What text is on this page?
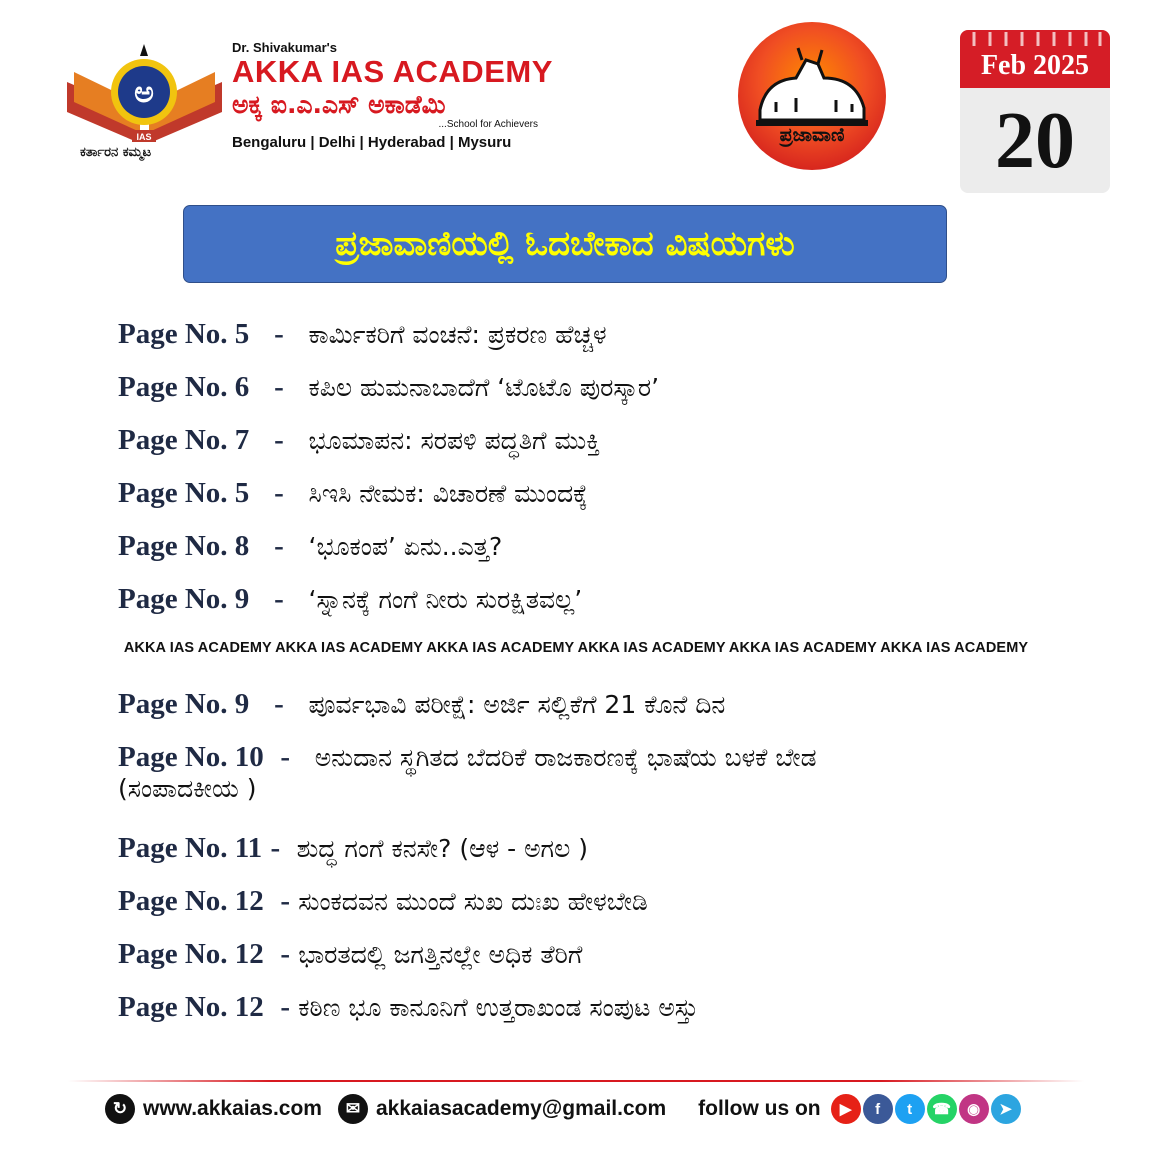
ಅ
IAS
ಕರ್ತಾರನ ಕಮ್ಮಟ
Dr. Shivakumar's
AKKA IAS ACADEMY
ಅಕ್ಕ ಐ.ಎ.ಎಸ್ ಅಕಾಡೆಮಿ
...School for Achievers
Bengaluru | Delhi | Hyderabad | Mysuru	ಪ್ರಜಾವಾಣಿ
Feb 2025
20
ಪ್ರಜಾವಾಣಿಯಲ್ಲಿ ಓದಬೇಕಾದ ವಿಷಯಗಳು
Page No. 5 - ಕಾರ್ಮಿಕರಿಗೆ ವಂಚನೆ: ಪ್ರಕರಣ ಹೆಚ್ಚಳ
Page No. 6 - ಕಪಿಲ ಹುಮನಾಬಾದೆಗೆ ‘ಟೊಟೊ ಪುರಸ್ಕಾರ’
Page No. 7 - ಭೂಮಾಪನ: ಸರಪಳಿ ಪದ್ಧತಿಗೆ ಮುಕ್ತಿ
Page No. 5 - ಸಿಇಸಿ ನೇಮಕ: ವಿಚಾರಣೆ ಮುಂದಕ್ಕೆ
Page No. 8 - ‘ಭೂಕಂಪ’ ಏನು..ಎತ್ತ?
Page No. 9 - ‘ಸ್ನಾನಕ್ಕೆ ಗಂಗೆ ನೀರು ಸುರಕ್ಷಿತವಲ್ಲ’
AKKA IAS ACADEMY AKKA IAS ACADEMY AKKA IAS ACADEMY AKKA IAS ACADEMY AKKA IAS ACADEMY AKKA IAS ACADEMY
Page No. 9 - ಪೂರ್ವಭಾವಿ ಪರೀಕ್ಷೆ: ಅರ್ಜಿ ಸಲ್ಲಿಕೆಗೆ 21 ಕೊನೆ ದಿನ
Page No. 10 - ಅನುದಾನ ಸ್ಥಗಿತದ ಬೆದರಿಕೆ ರಾಜಕಾರಣಕ್ಕೆ ಭಾಷೆಯ ಬಳಕೆ ಬೇಡ
(ಸಂಪಾದಕೀಯ )
Page No. 11 - ಶುದ್ಧ ಗಂಗೆ ಕನಸೇ? (ಆಳ - ಅಗಲ )
Page No. 12 - ಸುಂಕದವನ ಮುಂದೆ ಸುಖ ದುಃಖ ಹೇಳಬೇಡಿ
Page No. 12 - ಭಾರತದಲ್ಲಿ ಜಗತ್ತಿನಲ್ಲೇ ಅಧಿಕ ತೆರಿಗೆ
Page No. 12 - ಕಠಿಣ ಭೂ ಕಾನೂನಿಗೆ ಉತ್ತರಾಖಂಡ ಸಂಪುಟ ಅಸ್ತು
↻ www.akkaias.com	✉ akkaiasacademy@gmail.com follow us on	▶	f	t	☎	◉	➤
